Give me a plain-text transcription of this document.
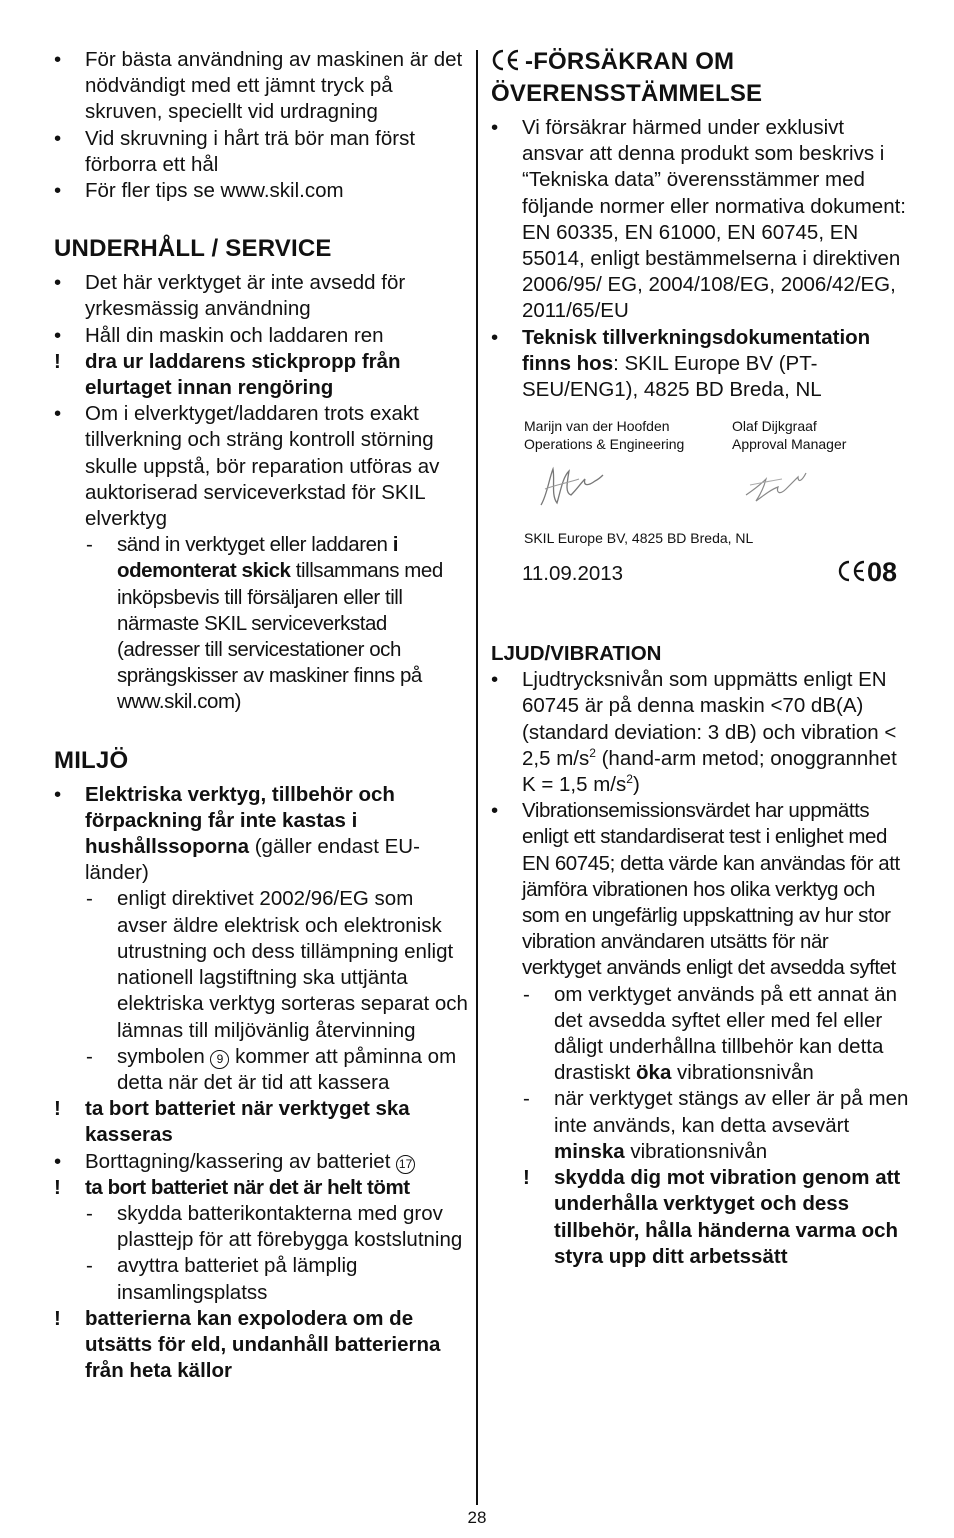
• För bästa användning av maskinen är det nödvändigt med ett jämnt tryck på skruven, speciellt vid urdragning
• Vid skruvning i hårt trä bör man först förborra ett hål
• För fler tips se www.skil.com
UNDERHÅLL / SERVICE
• Det här verktyget är inte avsedd för yrkesmässig användning
• Håll din maskin och laddaren ren
! dra ur laddarens stickpropp från elurtaget innan rengöring
• Om i elverktyget/laddaren trots exakt tillverkning och sträng kontroll störning skulle uppstå, bör reparation utföras av auktoriserad serviceverkstad för SKIL elverktyg
- sänd in verktyget eller laddaren i odemonterat skick tillsammans med inköpsbevis till försäljaren eller till närmaste SKIL serviceverkstad (adresser till servicestationer och sprängskisser av maskiner finns på www.skil.com)
MILJÖ
• Elektriska verktyg, tillbehör och förpackning får inte kastas i hushållssoporna (gäller endast EU-länder)
- enligt direktivet 2002/96/EG som avser äldre elektrisk och elektronisk utrustning och dess tillämpning enligt nationell lagstiftning ska uttjänta elektriska verktyg sorteras separat och lämnas till miljövänlig återvinning
- symbolen 9 kommer att påminna om detta när det är tid att kassera
! ta bort batteriet när verktyget ska kasseras
• Borttagning/kassering av batteriet 17
! ta bort batteriet när det är helt tömt
- skydda batterikontakterna med grov plasttejp för att förebygga kostslutning
- avyttra batteriet på lämplig insamlingsplatss
! batterierna kan expolodera om de utsätts för eld, undanhåll batterierna från heta källor
-FÖRSÄKRAN OM
ÖVERENSSTÄMMELSE
• Vi försäkrar härmed under exklusivt ansvar att denna produkt som beskrivs i “Tekniska data” överensstämmer med följande normer eller normativa dokument: EN 60335, EN 61000, EN 60745, EN 55014, enligt bestämmelserna i direktiven 2006/95/ EG, 2004/108/EG, 2006/42/EG, 2011/65/EU
• Teknisk tillverkningsdokumentation finns hos: SKIL Europe BV (PT-SEU/ENG1), 4825 BD Breda, NL
Marijn van der Hoofden
Operations & Engineering
Olaf Dijkgraaf
Approval Manager
SKIL Europe BV, 4825 BD Breda, NL
11.09.2013	08
LJUD/VIBRATION
• Ljudtrycksnivån som uppmätts enligt EN 60745 är på denna maskin <70 dB(A) (standard deviation: 3 dB) och vibration < 2,5 $m/s^2$ (hand-arm metod; onoggrannhet K = 1,5 $m/s^2$)
• Vibrationsemissionsvärdet har uppmätts enligt ett standardiserat test i enlighet med EN 60745; detta värde kan användas för att jämföra vibrationen hos olika verktyg och som en ungefärlig uppskattning av hur stor vibration användaren utsätts för när verktyget används enligt det avsedda syftet
- om verktyget används på ett annat än det avsedda syftet eller med fel eller dåligt underhållna tillbehör kan detta drastiskt öka vibrationsnivån
- när verktyget stängs av eller är på men inte används, kan detta avsevärt minska vibrationsnivån
! skydda dig mot vibration genom att underhålla verktyget och dess tillbehör, hålla händerna varma och styra upp ditt arbetssätt
28
